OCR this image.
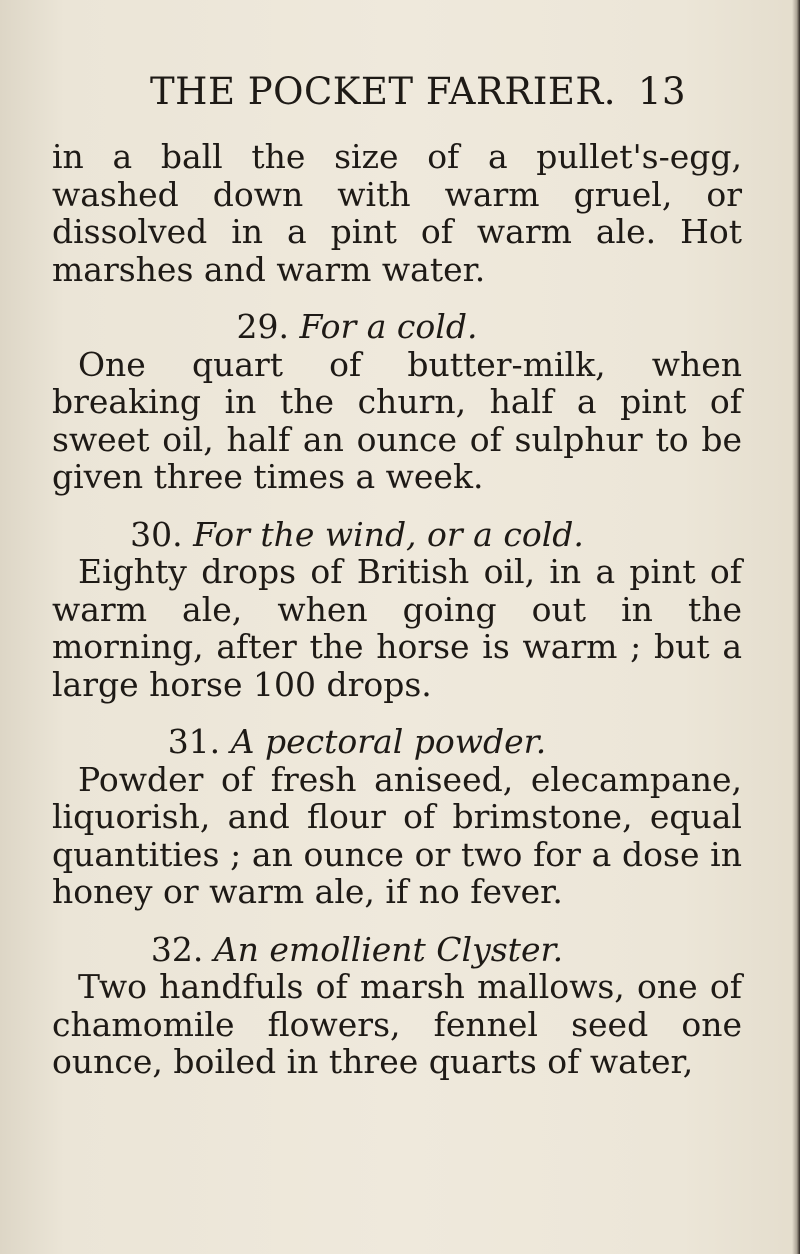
THE POCKET FARRIER. 13

in a ball the size of a pullet's-egg, washed down with warm gruel, or dissolved in a pint of warm ale. Hot marshes and warm water.

29. For a cold.

One quart of butter-milk, when breaking in the churn, half a pint of sweet oil, half an ounce of sulphur to be given three times a week.

30. For the wind, or a cold.

Eighty drops of British oil, in a pint of warm ale, when going out in the morning, after the horse is warm ; but a large horse 100 drops.

31. A pectoral powder.

Powder of fresh aniseed, elecampane, liquorish, and flour of brimstone, equal quantities ; an ounce or two for a dose in honey or warm ale, if no fever.

32. An emollient Clyster.

Two handfuls of marsh mallows, one of chamomile flowers, fennel seed one ounce, boiled in three quarts of water,
